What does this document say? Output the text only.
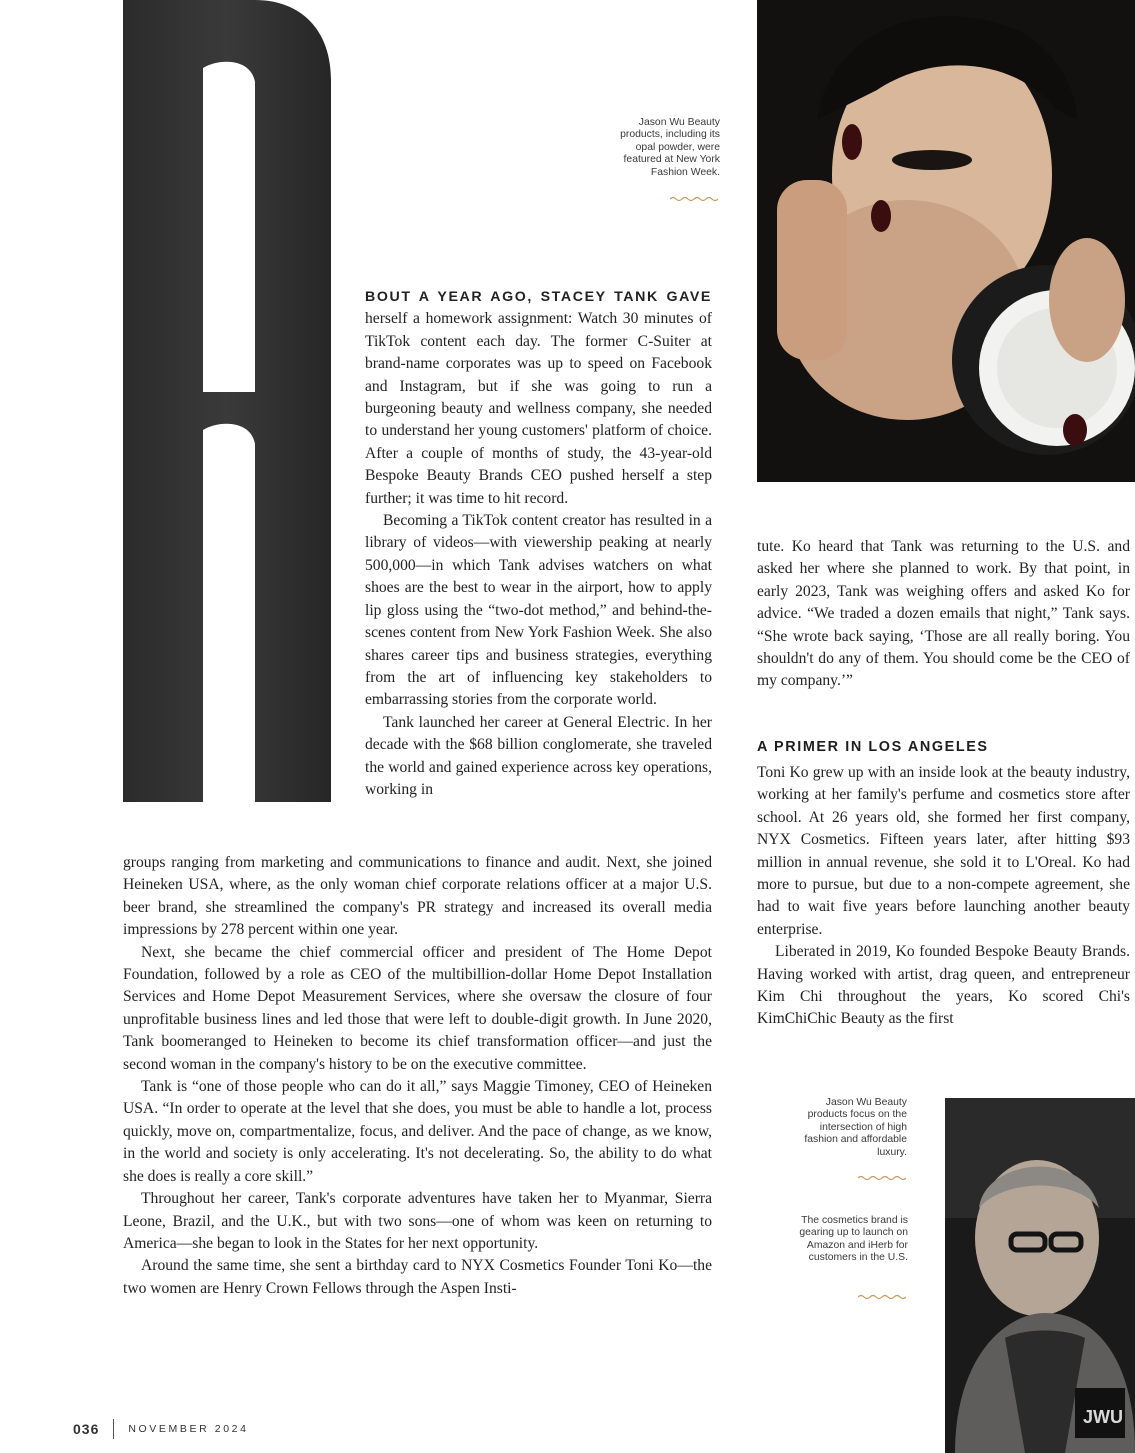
Jason Wu Beauty products, including its opal powder, were featured at New York Fashion Week.

BOUT A YEAR AGO, STACEY TANK GAVE herself a homework assignment: Watch 30 minutes of TikTok content each day. The former C-Suiter at brand-name corporates was up to speed on Facebook and Instagram, but if she was going to run a burgeoning beauty and wellness company, she needed to understand her young customers' platform of choice. After a couple of months of study, the 43-year-old Bespoke Beauty Brands CEO pushed herself a step further; it was time to hit record.

Becoming a TikTok content creator has resulted in a library of videos—with viewership peaking at nearly 500,000—in which Tank advises watchers on what shoes are the best to wear in the airport, how to apply lip gloss using the “two-dot method,” and behind-the-scenes content from New York Fashion Week. She also shares career tips and business strategies, everything from the art of influencing key stakeholders to embarrassing stories from the corporate world.

Tank launched her career at General Electric. In her decade with the $68 billion conglomerate, she traveled the world and gained experience across key operations, working in

groups ranging from marketing and communications to finance and audit. Next, she joined Heineken USA, where, as the only woman chief corporate relations officer at a major U.S. beer brand, she streamlined the company's PR strategy and increased its overall media impressions by 278 percent within one year.

Next, she became the chief commercial officer and president of The Home Depot Foundation, followed by a role as CEO of the multibillion-dollar Home Depot Installation Services and Home Depot Measurement Services, where she oversaw the closure of four unprofitable business lines and led those that were left to double-digit growth. In June 2020, Tank boomeranged to Heineken to become its chief transformation officer—and just the second woman in the company's history to be on the executive committee.

Tank is “one of those people who can do it all,” says Maggie Timoney, CEO of Heineken USA. “In order to operate at the level that she does, you must be able to handle a lot, process quickly, move on, compartmentalize, focus, and deliver. And the pace of change, as we know, in the world and society is only accelerating. It's not decelerating. So, the ability to do what she does is really a core skill.”

Throughout her career, Tank's corporate adventures have taken her to Myanmar, Sierra Leone, Brazil, and the U.K., but with two sons—one of whom was keen on returning to America—she began to look in the States for her next opportunity.

Around the same time, she sent a birthday card to NYX Cosmetics Founder Toni Ko—the two women are Henry Crown Fellows through the Aspen Insti-

tute. Ko heard that Tank was returning to the U.S. and asked her where she planned to work. By that point, in early 2023, Tank was weighing offers and asked Ko for advice. “We traded a dozen emails that night,” Tank says. “She wrote back saying, ‘Those are all really boring. You shouldn't do any of them. You should come be the CEO of my company.’”

A PRIMER IN LOS ANGELES

Toni Ko grew up with an inside look at the beauty industry, working at her family's perfume and cosmetics store after school. At 26 years old, she formed her first company, NYX Cosmetics. Fifteen years later, after hitting $93 million in annual revenue, she sold it to L'Oreal. Ko had more to pursue, but due to a non-compete agreement, she had to wait five years before launching another beauty enterprise.

Liberated in 2019, Ko founded Bespoke Beauty Brands. Having worked with artist, drag queen, and entrepreneur Kim Chi throughout the years, Ko scored Chi's KimChiChic Beauty as the first

Jason Wu Beauty products focus on the intersection of high fashion and affordable luxury.

The cosmetics brand is gearing up to launch on Amazon and iHerb for customers in the U.S.

JWU
036	NOVEMBER 2024
